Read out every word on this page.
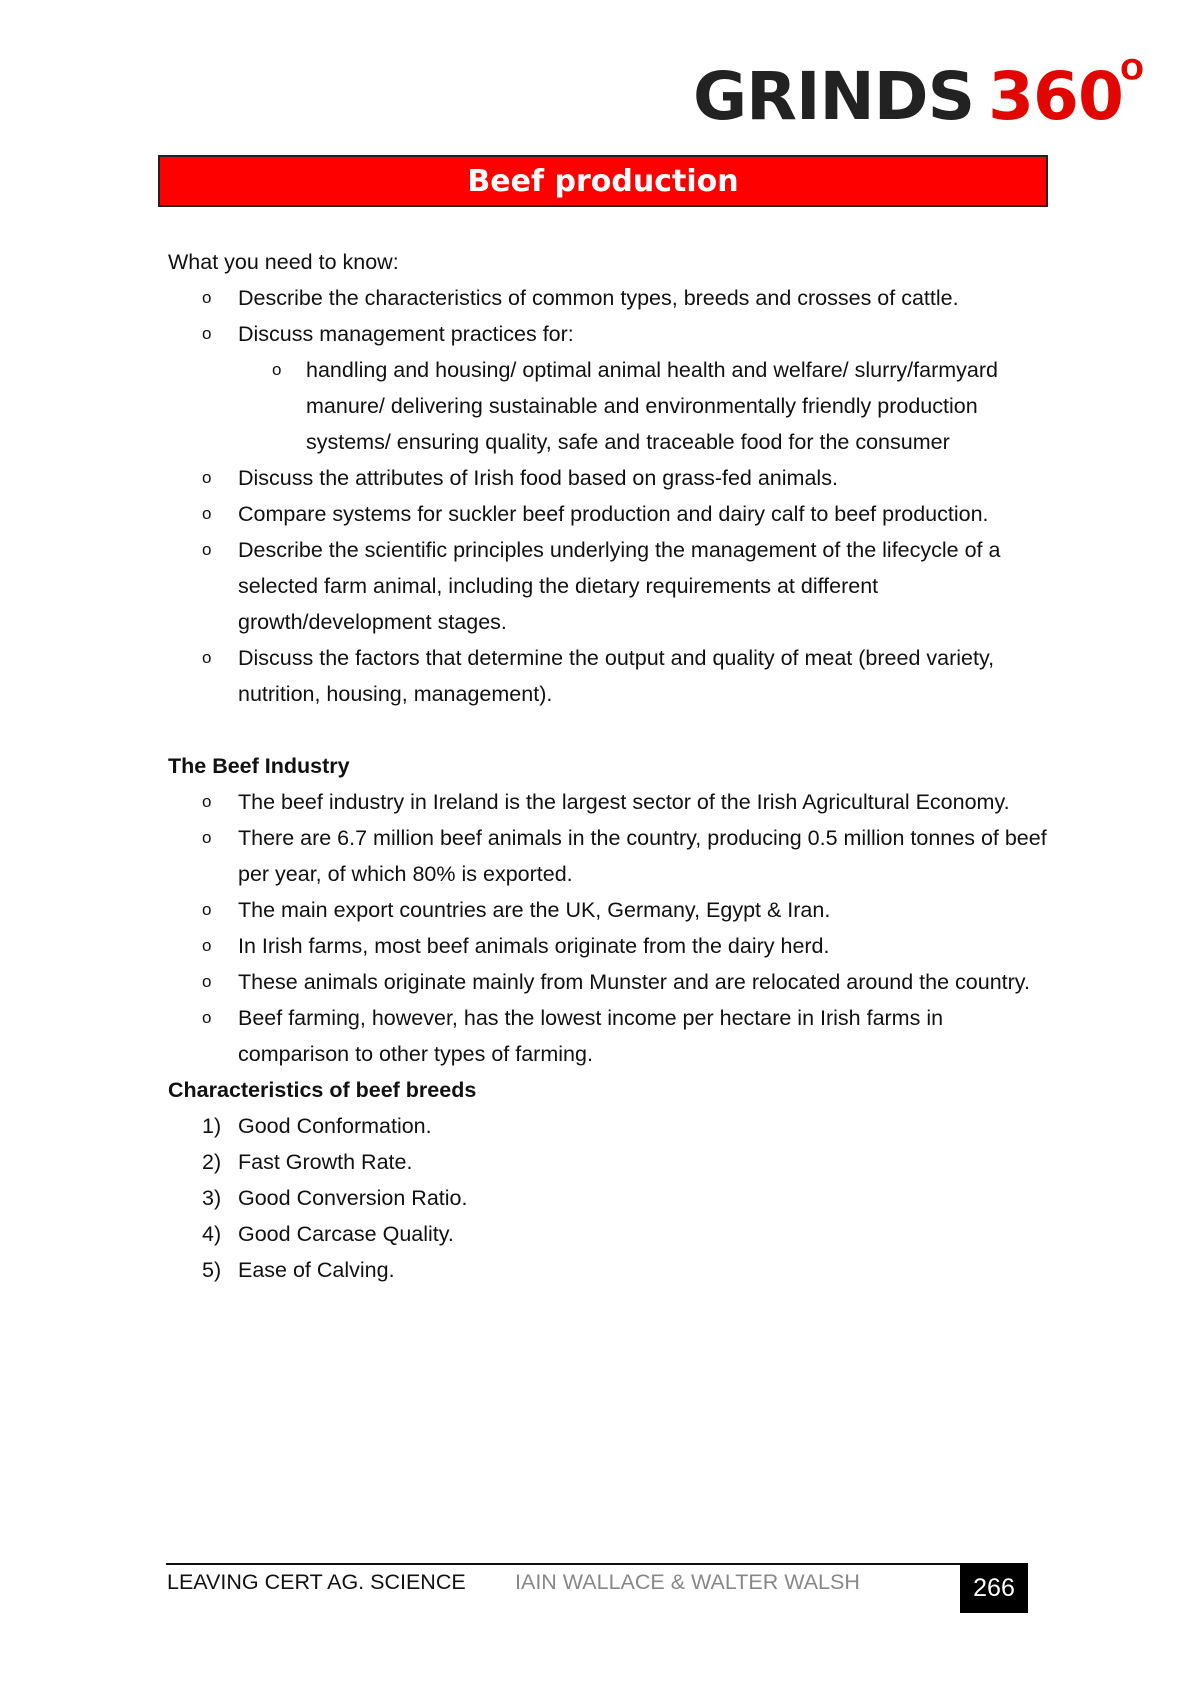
GRINDS 360
O
Beef production

What you need to know:

o Describe the characteristics of common types, breeds and crosses of cattle.
o Discuss management practices for:
o handling and housing/ optimal animal health and welfare/ slurry/farmyard manure/ delivering sustainable and environmentally friendly production systems/ ensuring quality, safe and traceable food for the consumer
o Discuss the attributes of Irish food based on grass-fed animals.
o Compare systems for suckler beef production and dairy calf to beef production.
o Describe the scientific principles underlying the management of the lifecycle of a selected farm animal, including the dietary requirements at different growth/development stages.
o Discuss the factors that determine the output and quality of meat (breed variety, nutrition, housing, management).

The Beef Industry

o The beef industry in Ireland is the largest sector of the Irish Agricultural Economy.
o There are 6.7 million beef animals in the country, producing 0.5 million tonnes of beef per year, of which 80% is exported.
o The main export countries are the UK, Germany, Egypt & Iran.
o In Irish farms, most beef animals originate from the dairy herd.
o These animals originate mainly from Munster and are relocated around the country.
o Beef farming, however, has the lowest income per hectare in Irish farms in comparison to other types of farming.

Characteristics of beef breeds

1) Good Conformation.
2) Fast Growth Rate.
3) Good Conversion Ratio.
4) Good Carcase Quality.
5) Ease of Calving.
LEAVING CERT AG. SCIENCE IAIN WALLACE & WALTER WALSH	266
